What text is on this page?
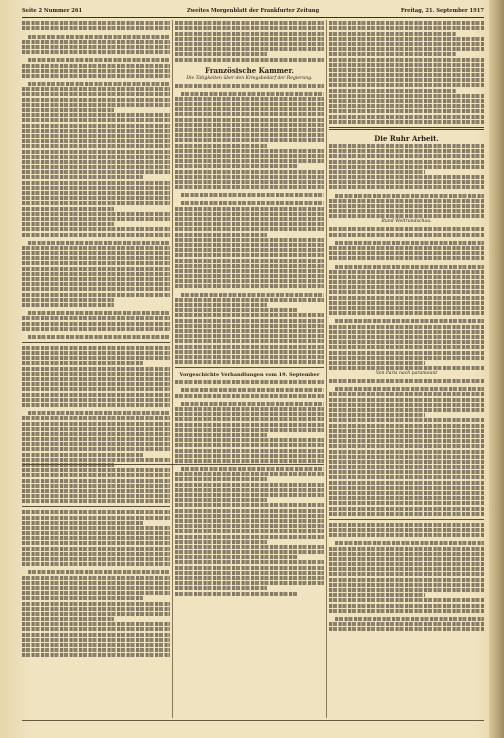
Seite 2 Nummer 261	Zweites Morgenblatt der Frankfurter Zeitung	Freitag, 21. September 1917
Französische Kammer.
Die Tätigkeiten über den Kriegsbedarf der Regierung.
Vorgeschichte Verhandlungen vom 19. September
Die Ruhr Arbeit.
Rund Weltrundschau.
Von Paris nach paramount
